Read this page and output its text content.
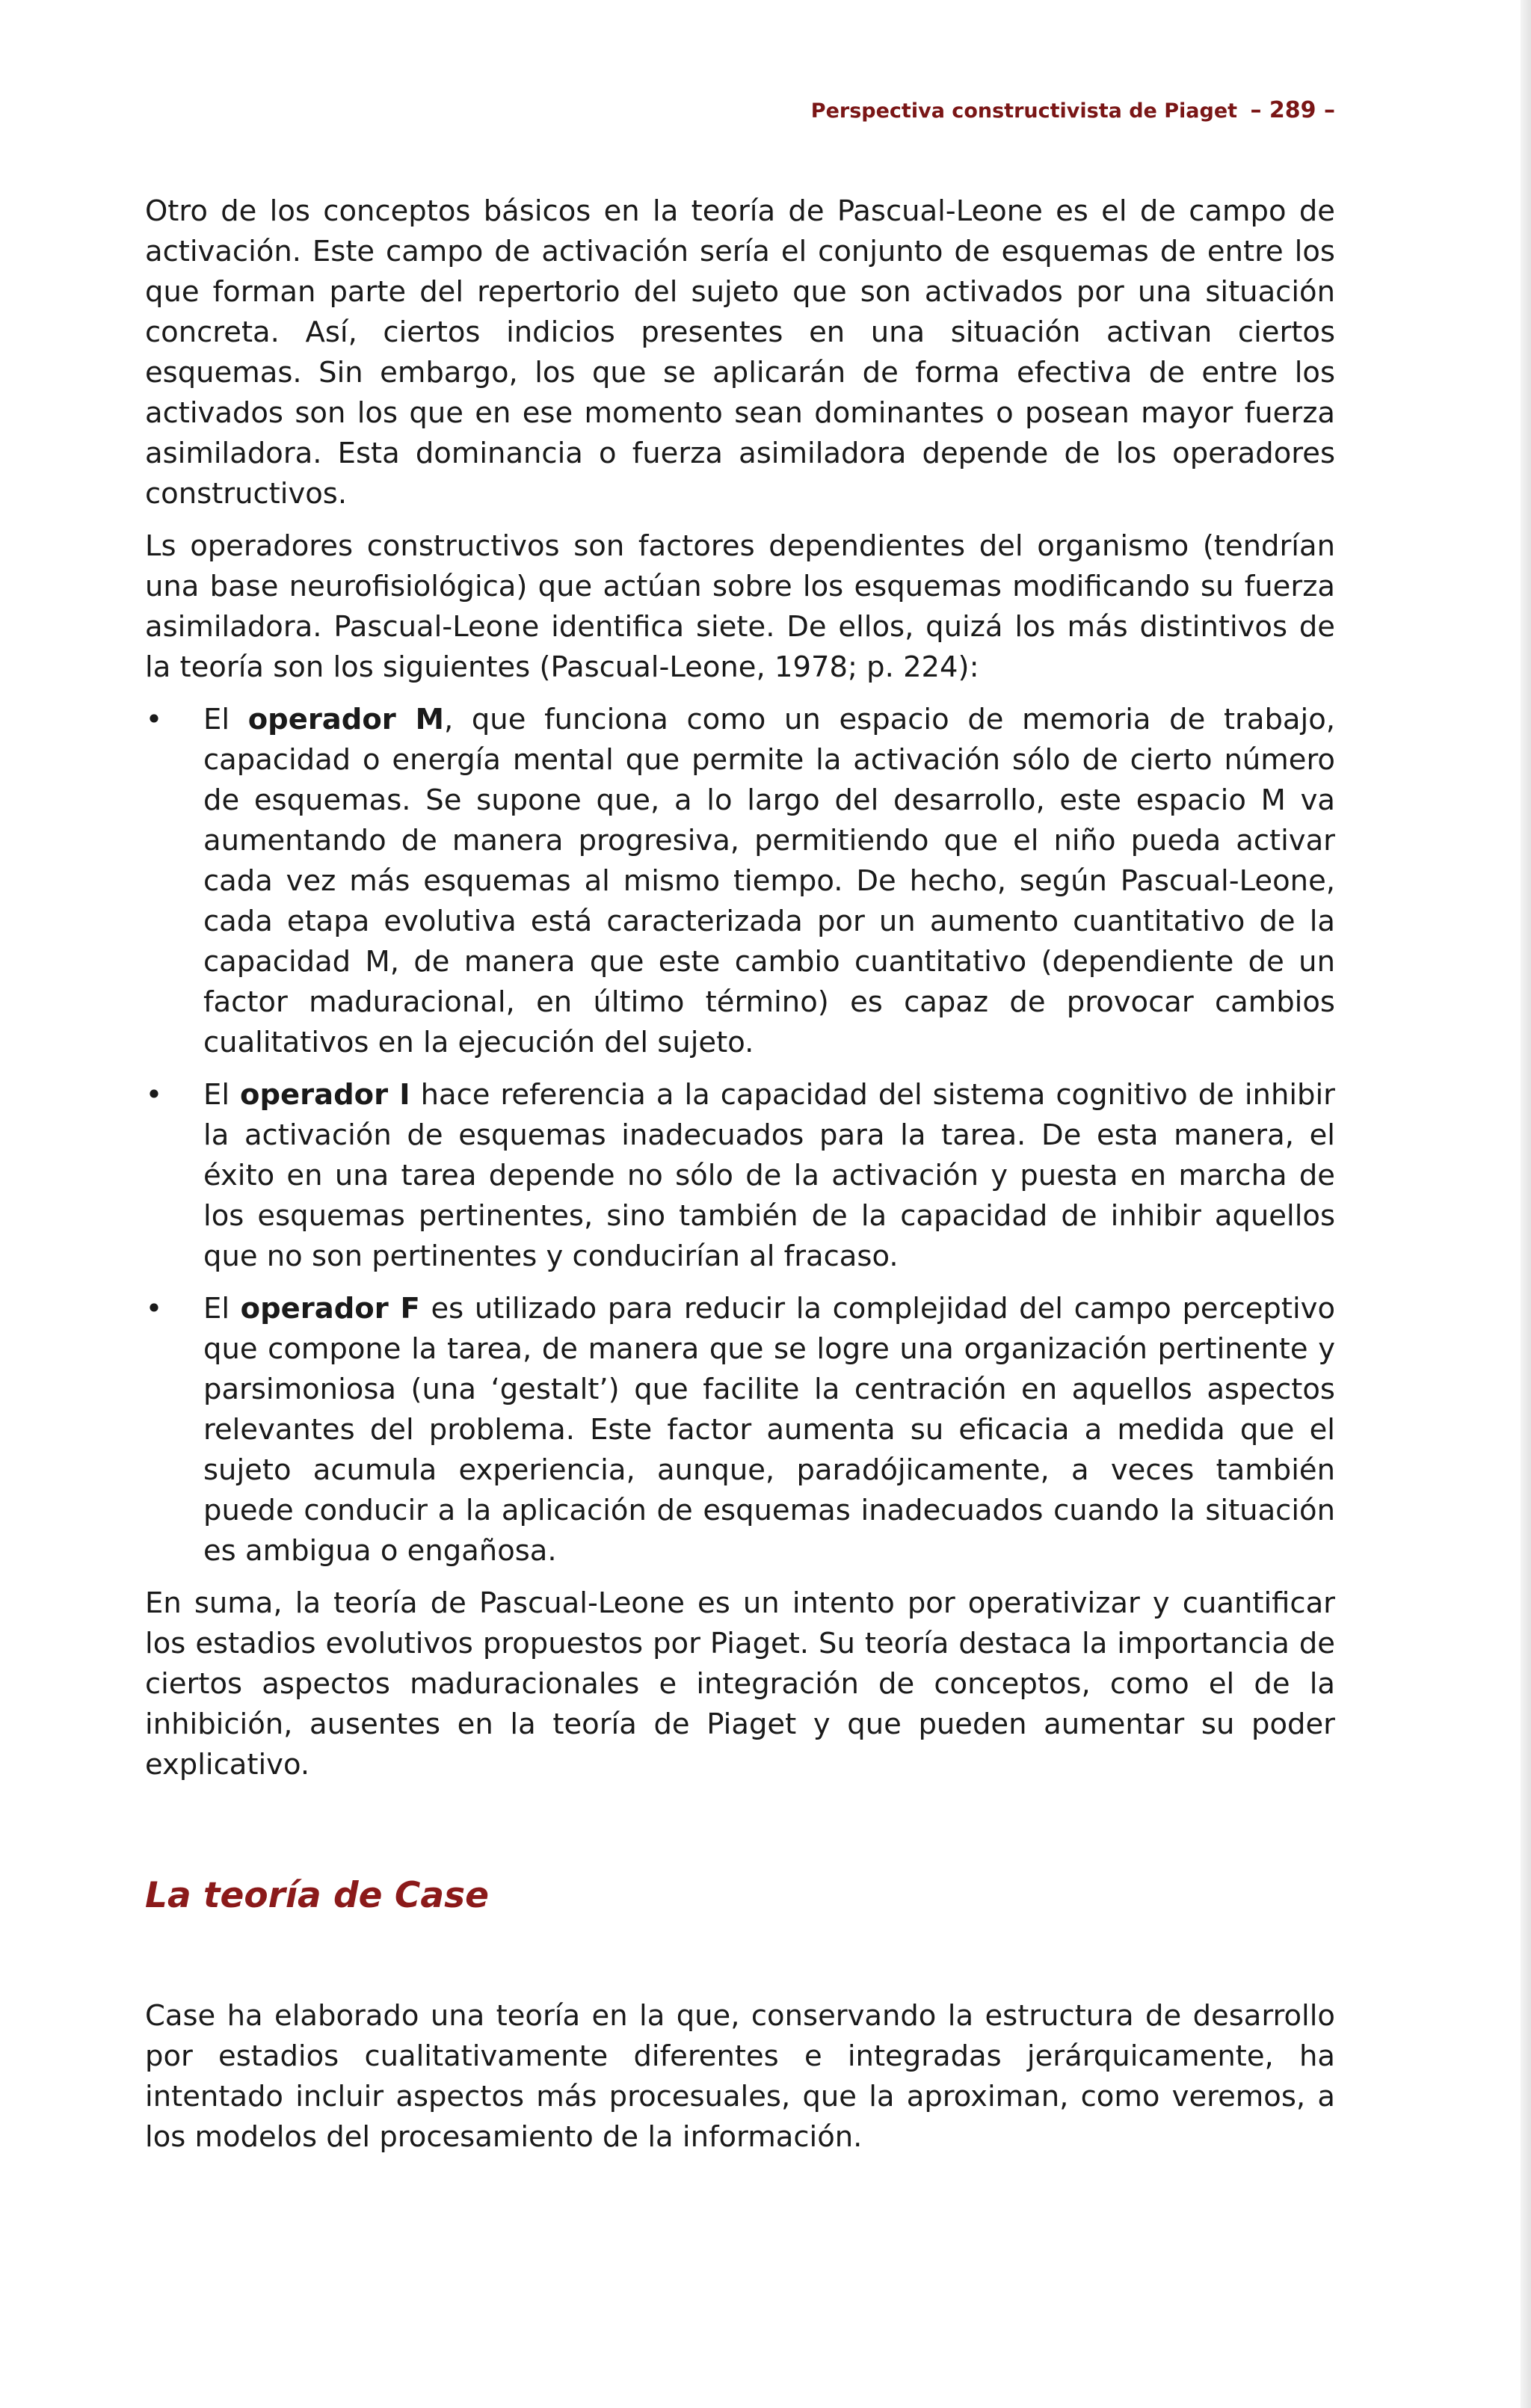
Perspectiva constructivista de Piaget – 289 –

Otro de los conceptos básicos en la teoría de Pascual-Leone es el de campo de activación. Este campo de activación sería el conjunto de esquemas de entre los que forman parte del repertorio del sujeto que son activados por una situación concreta. Así, ciertos indicios presentes en una situación activan ciertos esquemas. Sin embargo, los que se aplicarán de forma efectiva de entre los activados son los que en ese momento sean dominantes o posean mayor fuerza asimiladora. Esta dominancia o fuerza asimiladora depende de los operadores constructivos.

Ls operadores constructivos son factores dependientes del organismo (tendrían una base neurofisiológica) que actúan sobre los esquemas modificando su fuerza asimiladora. Pascual-Leone identifica siete. De ellos, quizá los más distintivos de la teoría son los siguientes (Pascual-Leone, 1978; p. 224):

• El operador M, que funciona como un espacio de memoria de trabajo, capacidad o energía mental que permite la activación sólo de cierto número de esquemas. Se supone que, a lo largo del desarrollo, este espacio M va aumentando de manera progresiva, permitiendo que el niño pueda activar cada vez más esquemas al mismo tiempo. De hecho, según Pascual-Leone, cada etapa evolutiva está caracterizada por un aumento cuantitativo de la capacidad M, de manera que este cambio cuantitativo (dependiente de un factor maduracional, en último término) es capaz de provocar cambios cualitativos en la ejecución del sujeto.
• El operador I hace referencia a la capacidad del sistema cognitivo de inhibir la activación de esquemas inadecuados para la tarea. De esta manera, el éxito en una tarea depende no sólo de la activación y puesta en marcha de los esquemas pertinentes, sino también de la capacidad de inhibir aquellos que no son pertinentes y conducirían al fracaso.
• El operador F es utilizado para reducir la complejidad del campo perceptivo que compone la tarea, de manera que se logre una organización pertinente y parsimoniosa (una ‘gestalt’) que facilite la centración en aquellos aspectos relevantes del problema. Este factor aumenta su eficacia a medida que el sujeto acumula experiencia, aunque, paradójicamente, a veces también puede conducir a la aplicación de esquemas inadecuados cuando la situación es ambigua o engañosa.

En suma, la teoría de Pascual-Leone es un intento por operativizar y cuantificar los estadios evolutivos propuestos por Piaget. Su teoría destaca la importancia de ciertos aspectos maduracionales e integración de conceptos, como el de la inhibición, ausentes en la teoría de Piaget y que pueden aumentar su poder explicativo.

La teoría de Case

Case ha elaborado una teoría en la que, conservando la estructura de desarrollo por estadios cualitativamente diferentes e integradas jerárquicamente, ha intentado incluir aspectos más procesuales, que la aproximan, como veremos, a los modelos del procesamiento de la información.
